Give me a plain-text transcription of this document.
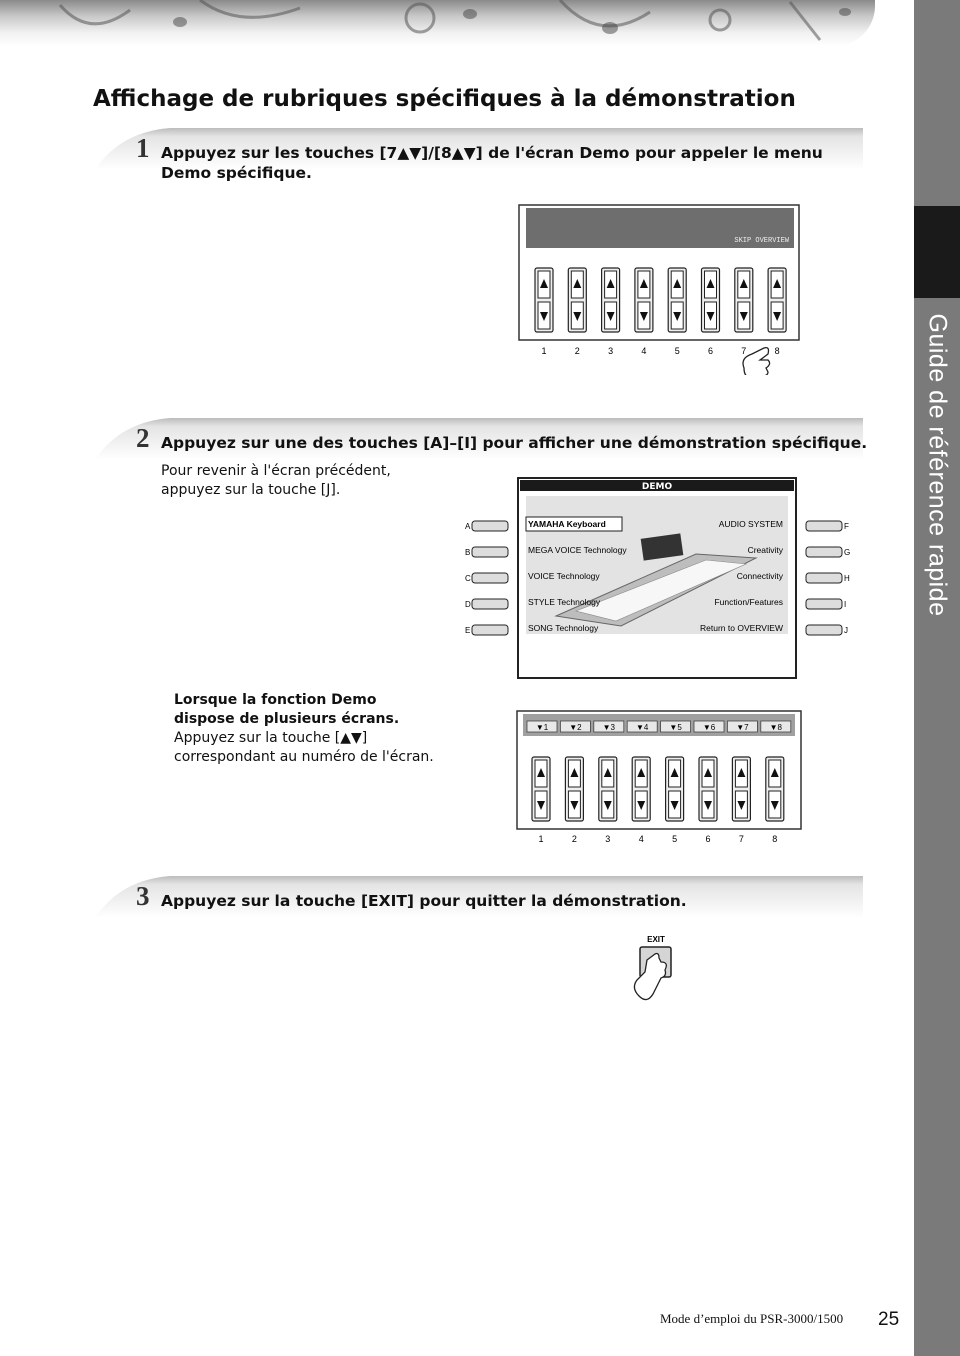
Guide de référence rapide
Affichage de rubriques spécifiques à la démonstration
1 Appuyez sur les touches [7▲▼]/[8▲▼] de l'écran Demo pour appeler le menu Demo spécifique.
SKIP OVERVIEW
1	2	3	4	5	6	7	8
2 Appuyez sur une des touches [A]–[I] pour afficher une démonstration spécifique.
Pour revenir à l'écran précédent, appuyez sur la touche [J].	DEMO
A	YAMAHA Keyboard
B	MEGA VOICE Technology
C	VOICE Technology
D	STYLE Technology
E	SONG Technology
AUDIO SYSTEM	F
Creativity	G
Connectivity	H
Function/Features	I
Return to OVERVIEW	J
Lorsque la fonction Demo dispose de plusieurs écrans.
Appuyez sur la touche [▲▼] correspondant au numéro de l'écran.
▼1	▼2	▼3	▼4	▼5	▼6	▼7	▼8
1	2	3	4	5	6	7	8
3 Appuyez sur la touche [EXIT] pour quitter la démonstration.
EXIT
Mode d’emploi du PSR-3000/1500 25
